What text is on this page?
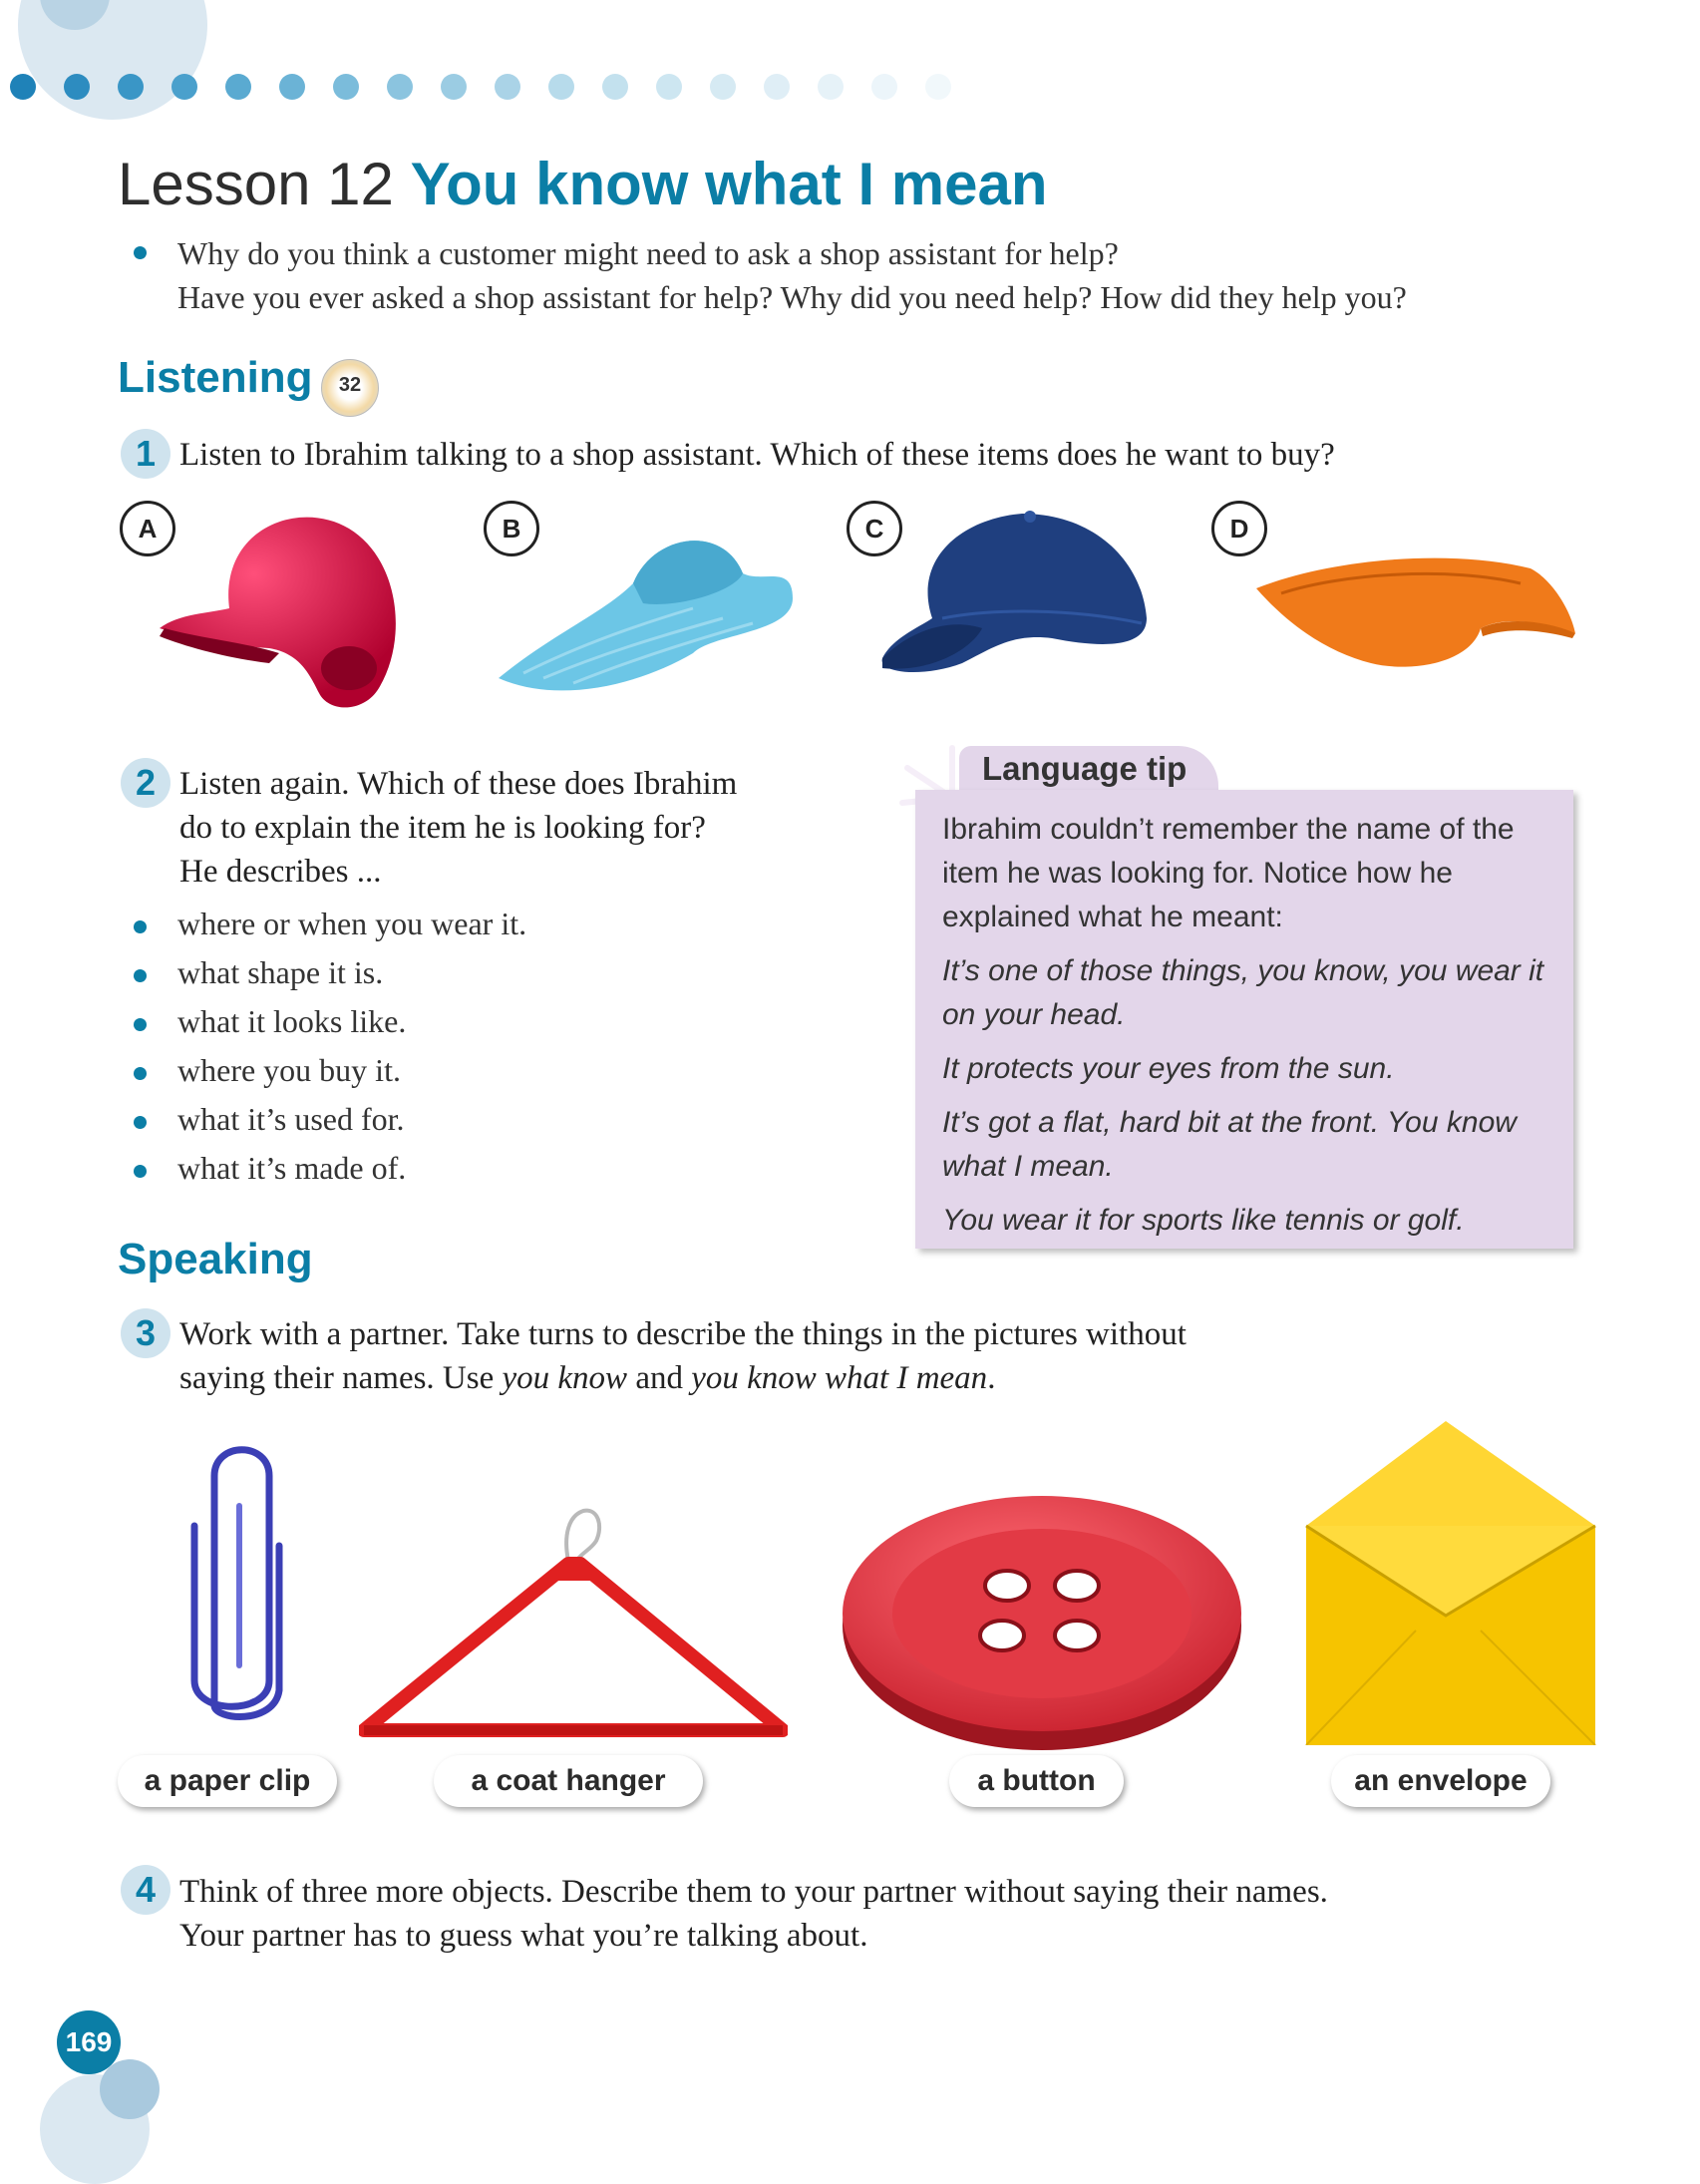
Lesson 12 You know what I mean
Why do you think a customer might need to ask a shop assistant for help?
Have you ever asked a shop assistant for help? Why did you need help? How did they help you?
Listening	32
1 Listen to Ibrahim talking to a shop assistant. Which of these items does he want to buy?
A	B	C	D
2 Listen again. Which of these does Ibrahim
do to explain the item he is looking for?
He describes ...
where or when you wear it.
what shape it is.
what it looks like.
where you buy it.
what it’s used for.
what it’s made of.
Language tip
Ibrahim couldn’t remember the name of the item he was looking for. Notice how he explained what he meant:
It’s one of those things, you know, you wear it on your head.
It protects your eyes from the sun.
It’s got a flat, hard bit at the front. You know what I mean.
You wear it for sports like tennis or golf.
Speaking
3 Work with a partner. Take turns to describe the things in the pictures without
saying their names. Use you know and you know what I mean.
a paper clip	a coat hanger	a button	an envelope
4 Think of three more objects. Describe them to your partner without saying their names.
Your partner has to guess what you’re talking about.
169
